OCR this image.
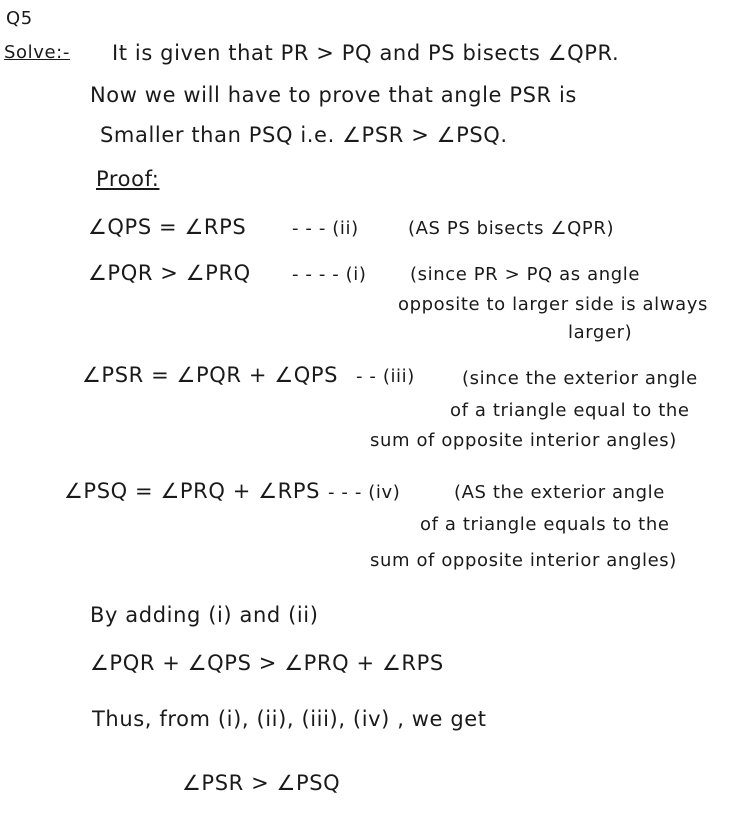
Q5
Solve:- It is given that PR > PQ and PS bisects ∠QPR.
Now we will have to prove that angle PSR is
Smaller than PSQ i.e. ∠PSR > ∠PSQ.
Proof:
∠QPS = ∠RPS	- - - (ii)	(AS PS bisects ∠QPR)
∠PQR > ∠PRQ - - - - (i) (since PR > PQ as angle
opposite to larger side is always
larger)
∠PSR = ∠PQR + ∠QPS - - (iii)	(since the exterior angle
of a triangle equal to the
sum of opposite interior angles)
∠PSQ = ∠PRQ + ∠RPS - - - (iv)	(AS the exterior angle
of a triangle equals to the
sum of opposite interior angles)
By adding (i) and (ii)
∠PQR + ∠QPS > ∠PRQ + ∠RPS
Thus, from (i), (ii), (iii), (iv) , we get
∠PSR > ∠PSQ
